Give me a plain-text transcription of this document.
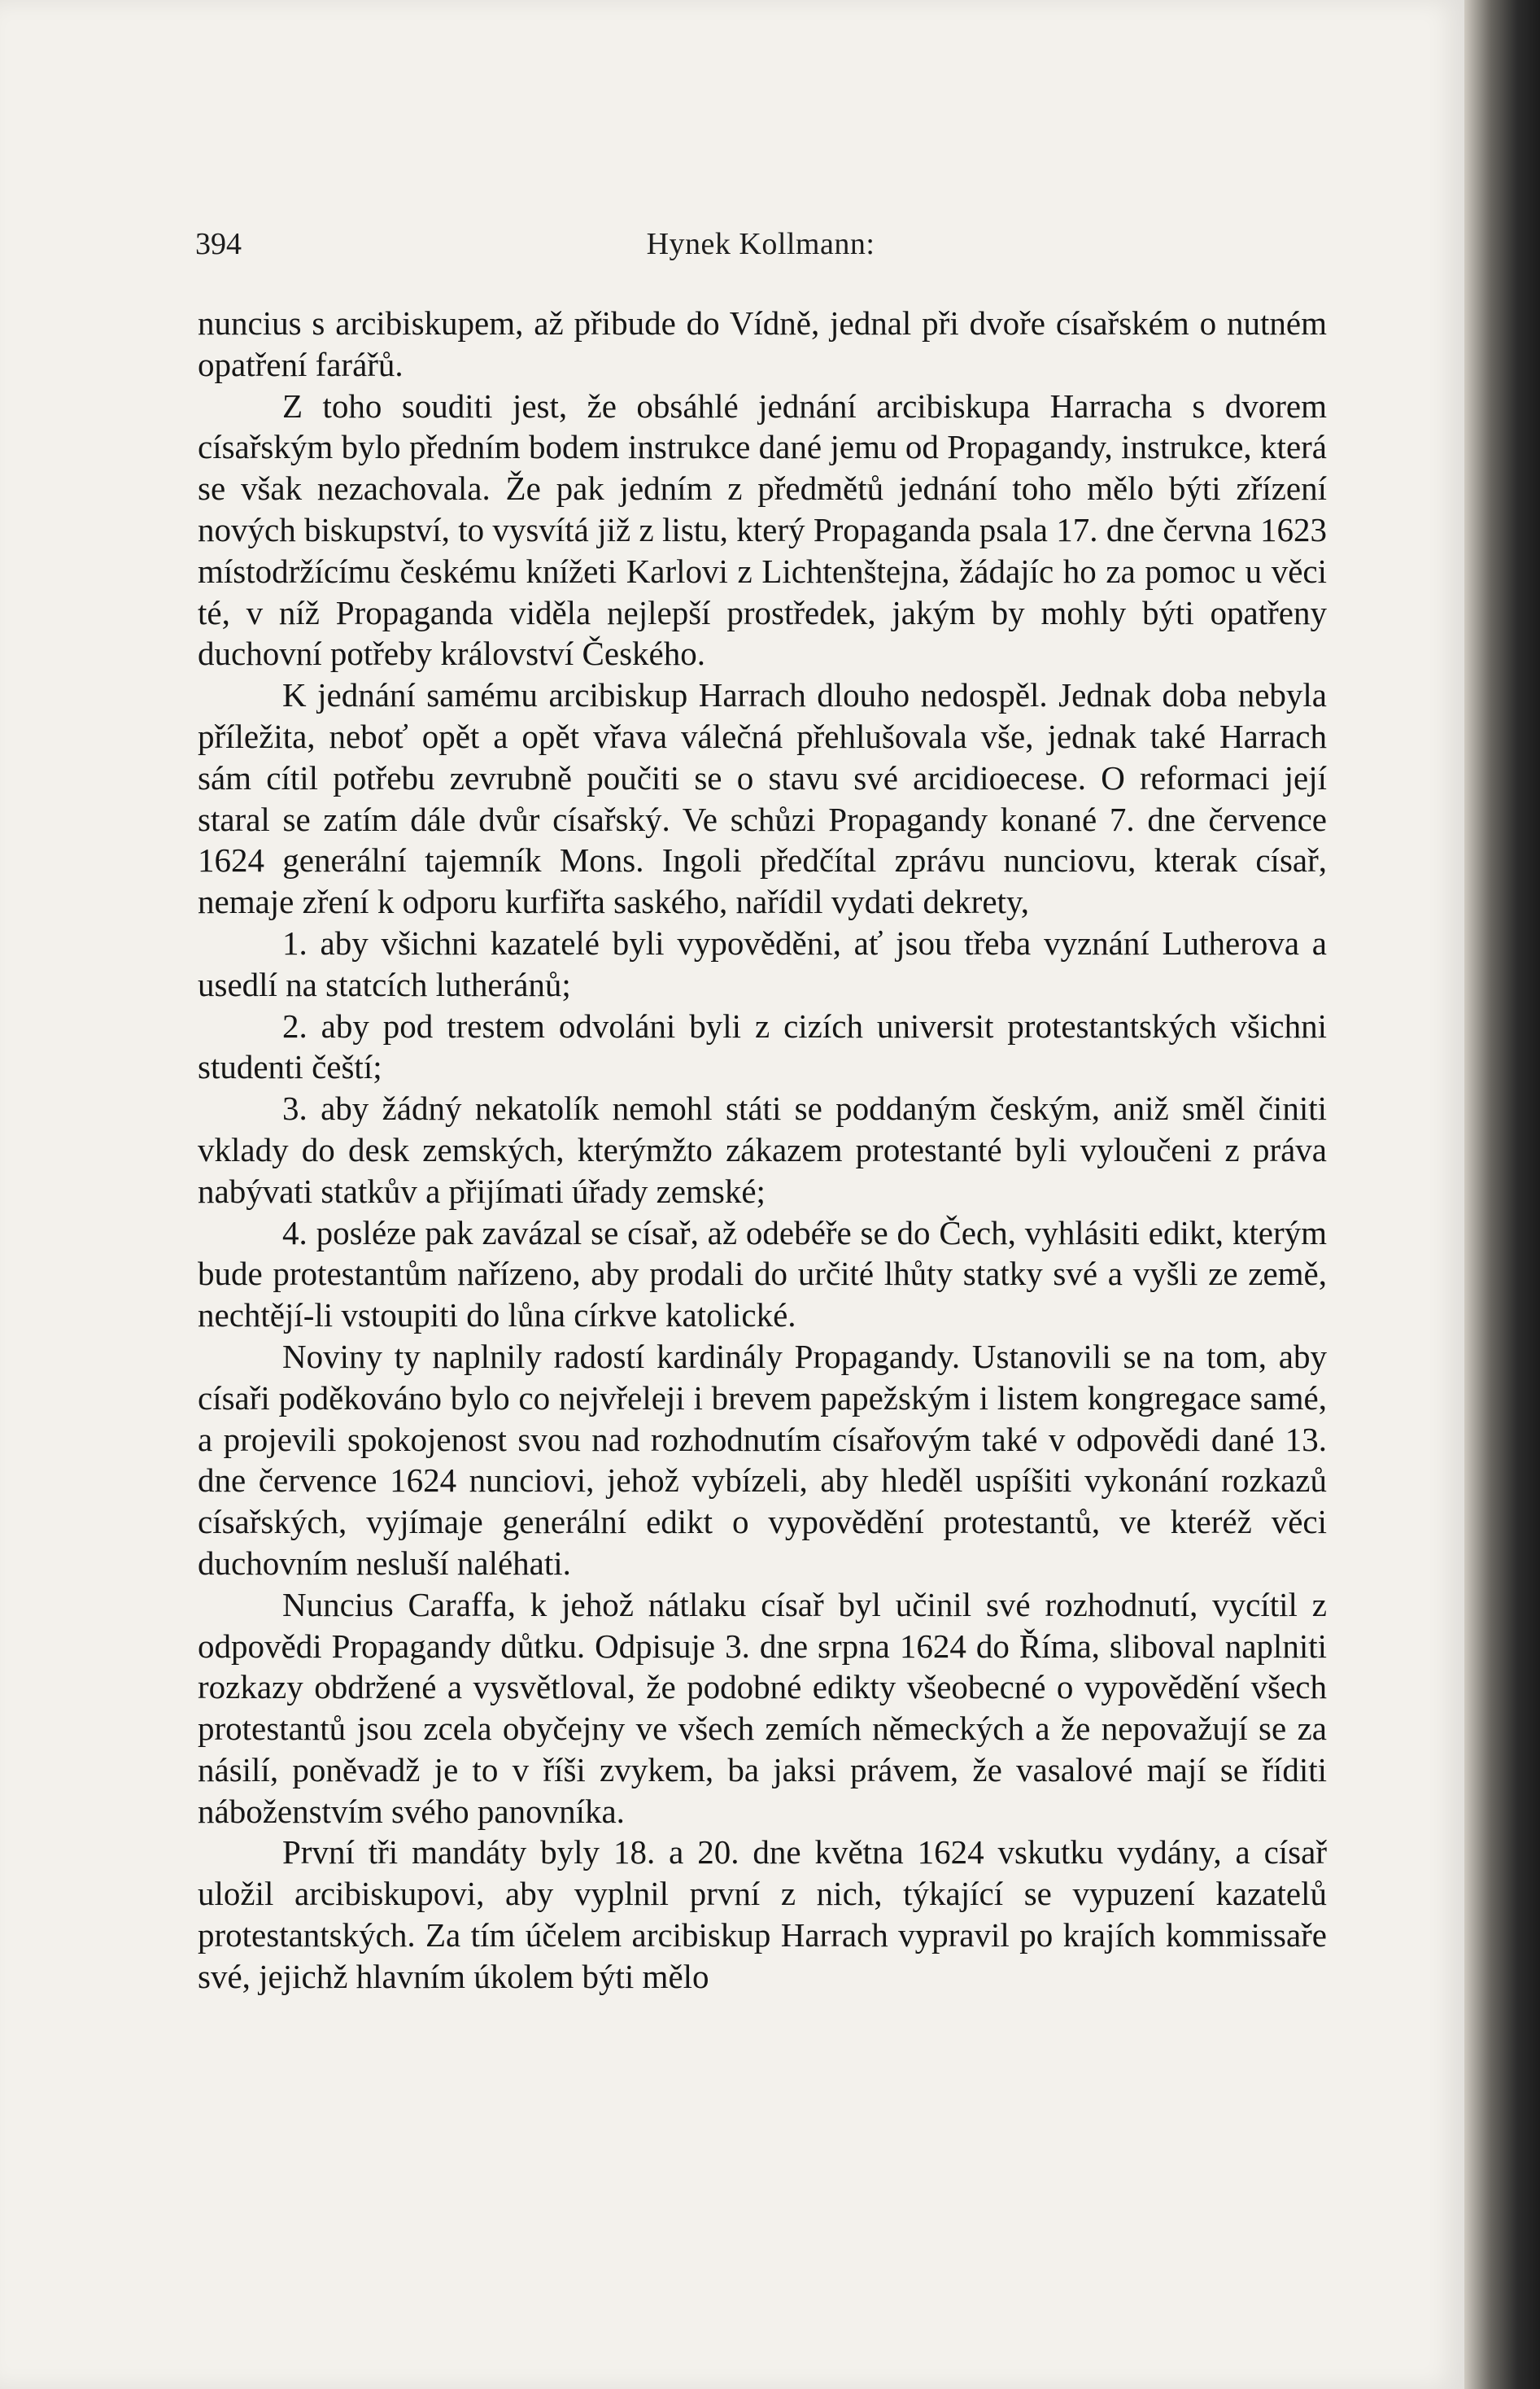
394	Hynek Kollmann:

nuncius s arcibiskupem, až přibude do Vídně, jednal při dvoře císařském o nutném opatření farářů.

Z toho souditi jest, že obsáhlé jednání arcibiskupa Harracha s dvorem císařským bylo předním bodem instrukce dané jemu od Propagandy, instrukce, která se však nezachovala. Že pak jedním z předmětů jednání toho mělo býti zřízení nových biskupství, to vysvítá již z listu, který Propaganda psala 17. dne června 1623 místodržícímu českému knížeti Karlovi z Lichtenštejna, žádajíc ho za pomoc u věci té, v níž Propaganda viděla nejlepší prostředek, jakým by mohly býti opatřeny duchovní potřeby království Českého.

K jednání samému arcibiskup Harrach dlouho nedospěl. Jednak doba nebyla příležita, neboť opět a opět vřava válečná přehlušovala vše, jednak také Harrach sám cítil potřebu zevrubně poučiti se o stavu své arcidioecese. O reformaci její staral se zatím dále dvůr císařský. Ve schůzi Propagandy konané 7. dne července 1624 generální tajemník Mons. Ingoli předčítal zprávu nunciovu, kterak císař, nemaje zření k odporu kurfiřta saského, nařídil vydati dekrety,

1. aby všichni kazatelé byli vypověděni, ať jsou třeba vyznání Lutherova a usedlí na statcích lutheránů;

2. aby pod trestem odvoláni byli z cizích universit protestantských všichni studenti čeští;

3. aby žádný nekatolík nemohl státi se poddaným českým, aniž směl činiti vklady do desk zemských, kterýmžto zákazem protestanté byli vyloučeni z práva nabývati statkův a přijímati úřady zemské;

4. posléze pak zavázal se císař, až odebéře se do Čech, vyhlásiti edikt, kterým bude protestantům nařízeno, aby prodali do určité lhůty statky své a vyšli ze země, nechtějí-li vstoupiti do lůna církve katolické.

Noviny ty naplnily radostí kardinály Propagandy. Ustanovili se na tom, aby císaři poděkováno bylo co nejvřeleji i brevem papežským i listem kongregace samé, a projevili spokojenost svou nad rozhodnutím císařovým také v odpovědi dané 13. dne července 1624 nunciovi, jehož vybízeli, aby hleděl uspíšiti vykonání rozkazů císařských, vyjímaje generální edikt o vypovědění protestantů, ve kteréž věci duchovním nesluší naléhati.

Nuncius Caraffa, k jehož nátlaku císař byl učinil své rozhodnutí, vycítil z odpovědi Propagandy důtku. Odpisuje 3. dne srpna 1624 do Říma, sliboval naplniti rozkazy obdržené a vysvětloval, že podobné edikty všeobecné o vypovědění všech protestantů jsou zcela obyčejny ve všech zemích německých a že nepovažují se za násilí, poněvadž je to v říši zvykem, ba jaksi právem, že vasalové mají se říditi náboženstvím svého panovníka.

První tři mandáty byly 18. a 20. dne května 1624 vskutku vydány, a císař uložil arcibiskupovi, aby vyplnil první z nich, týkající se vypuzení kazatelů protestantských. Za tím účelem arcibiskup Harrach vypravil po krajích kommissaře své, jejichž hlavním úkolem býti mělo
